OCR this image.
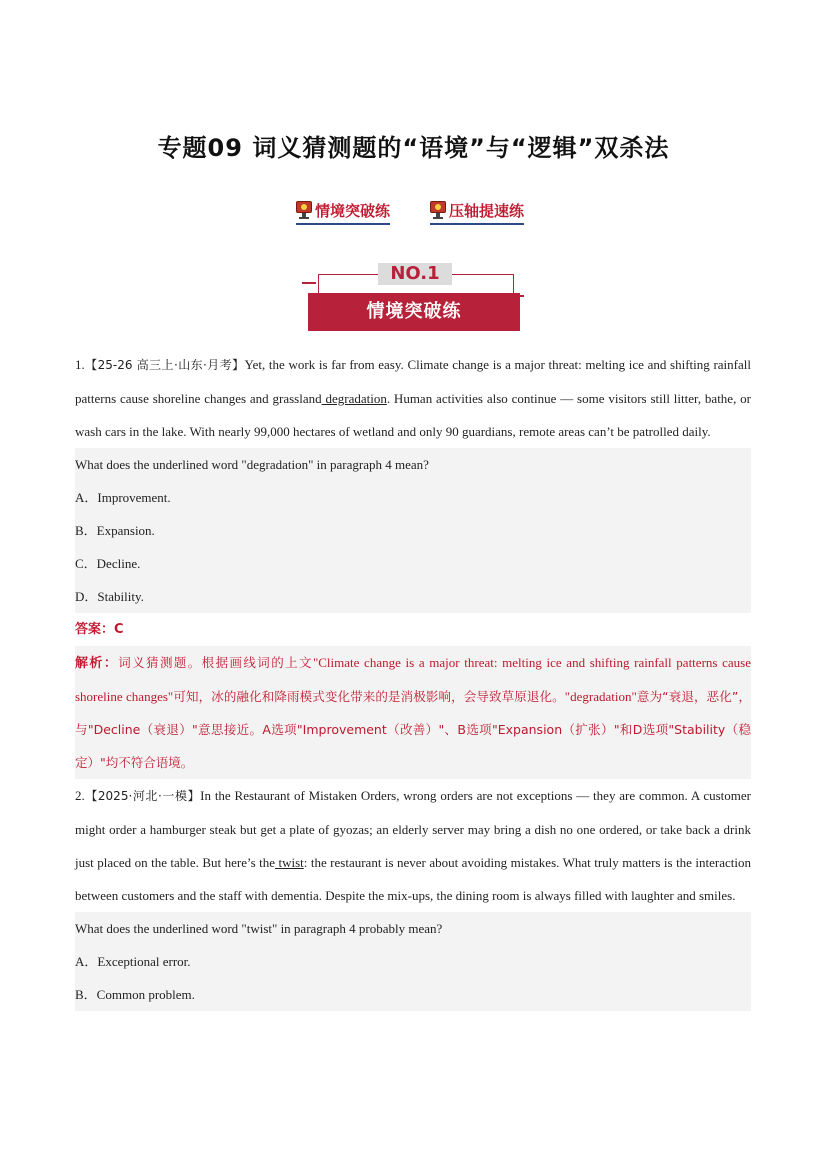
专题09 词义猜测题的“语境”与“逻辑”双杀法
情境突破练	压轴提速练
NO.1
情境突破练
1.【25-26 高三上·山东·月考】Yet, the work is far from easy. Climate change is a major threat: melting ice and shifting rainfall patterns cause shoreline changes and grassland degradation. Human activities also continue — some visitors still litter, bathe, or wash cars in the lake. With nearly 99,000 hectares of wetland and only 90 guardians, remote areas can’t be patrolled daily.
What does the underlined word "degradation" in paragraph 4 mean?
A．Improvement.
B．Expansion.
C．Decline.
D．Stability.
答案：C
解析：词义猜测题。根据画线词的上文"Climate change is a major threat: melting ice and shifting rainfall patterns cause shoreline changes"可知，冰的融化和降雨模式变化带来的是消极影响，会导致草原退化。"degradation"意为“衰退，恶化”，与"Decline（衰退）"意思接近。A选项"Improvement（改善）"、B选项"Expansion（扩张）"和D选项"Stability（稳定）"均不符合语境。
2.【2025·河北·一模】In the Restaurant of Mistaken Orders, wrong orders are not exceptions — they are common. A customer might order a hamburger steak but get a plate of gyozas; an elderly server may bring a dish no one ordered, or take back a drink just placed on the table. But here’s the twist: the restaurant is never about avoiding mistakes. What truly matters is the interaction between customers and the staff with dementia. Despite the mix-ups, the dining room is always filled with laughter and smiles.
What does the underlined word "twist" in paragraph 4 probably mean?
A．Exceptional error.
B．Common problem.
